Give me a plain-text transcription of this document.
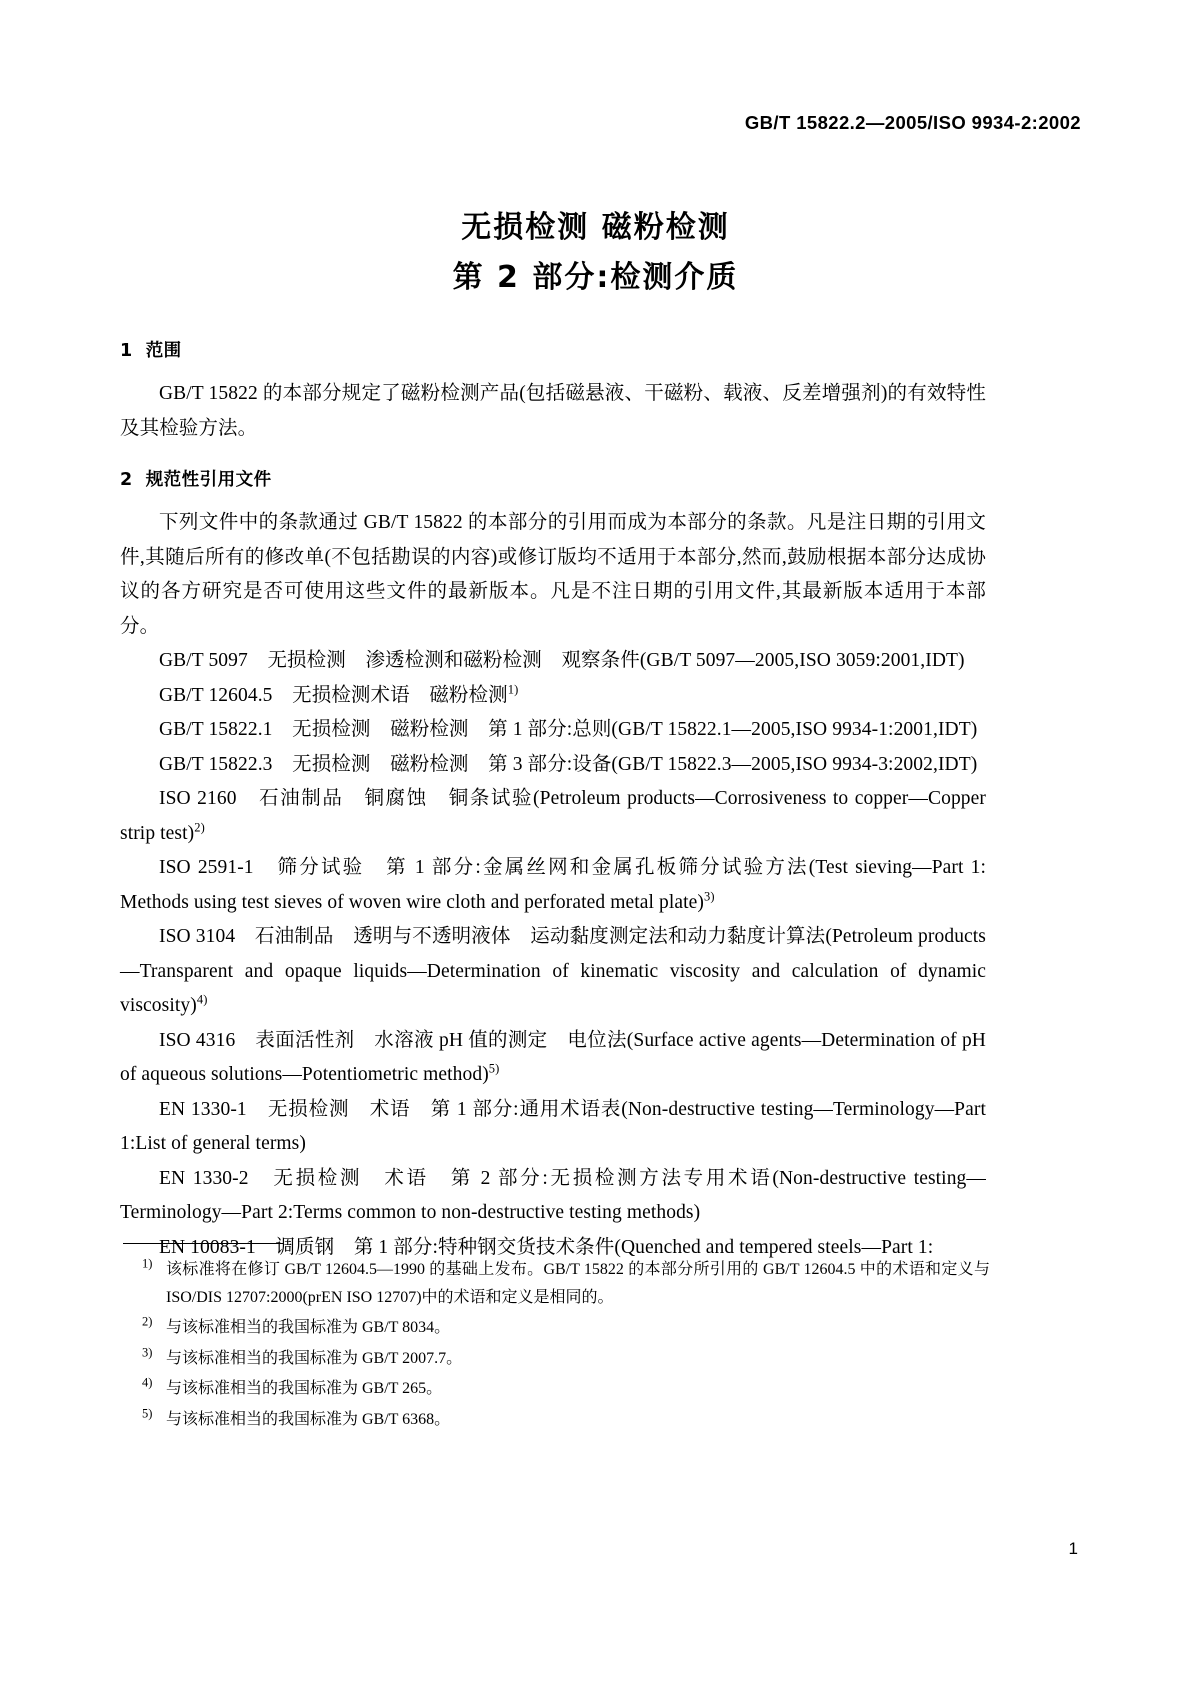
GB/T 15822.2—2005/ISO 9934-2:2002
无损检测 磁粉检测
第 2 部分:检测介质
1 范围

GB/T 15822 的本部分规定了磁粉检测产品(包括磁悬液、干磁粉、载液、反差增强剂)的有效特性及其检验方法。

2 规范性引用文件

下列文件中的条款通过 GB/T 15822 的本部分的引用而成为本部分的条款。凡是注日期的引用文件,其随后所有的修改单(不包括勘误的内容)或修订版均不适用于本部分,然而,鼓励根据本部分达成协议的各方研究是否可使用这些文件的最新版本。凡是不注日期的引用文件,其最新版本适用于本部分。

GB/T 5097　无损检测　渗透检测和磁粉检测　观察条件(GB/T 5097—2005,ISO 3059:2001,IDT)

GB/T 12604.5　无损检测术语　磁粉检测$^{1)}$

GB/T 15822.1　无损检测　磁粉检测　第 1 部分:总则(GB/T 15822.1—2005,ISO 9934-1:2001,IDT)

GB/T 15822.3　无损检测　磁粉检测　第 3 部分:设备(GB/T 15822.3—2005,ISO 9934-3:2002,IDT)

ISO 2160　石油制品　铜腐蚀　铜条试验(Petroleum products—Corrosiveness to copper—Copper strip test)$^{2)}$

ISO 2591-1　筛分试验　第 1 部分:金属丝网和金属孔板筛分试验方法(Test sieving—Part 1: Methods using test sieves of woven wire cloth and perforated metal plate)$^{3)}$

ISO 3104　石油制品　透明与不透明液体　运动黏度测定法和动力黏度计算法(Petroleum products—Transparent and opaque liquids—Determination of kinematic viscosity and calculation of dynamic viscosity)$^{4)}$

ISO 4316　表面活性剂　水溶液 pH 值的测定　电位法(Surface active agents—Determination of pH of aqueous solutions—Potentiometric method)$^{5)}$

EN 1330-1　无损检测　术语　第 1 部分:通用术语表(Non-destructive testing—Terminology—Part 1:List of general terms)

EN 1330-2　无损检测　术语　第 2 部分:无损检测方法专用术语(Non-destructive testing—Terminology—Part 2:Terms common to non-destructive testing methods)

EN 10083-1　调质钢　第 1 部分:特种钢交货技术条件(Quenched and tempered steels—Part 1:

$^{1)}$ 该标准将在修订 GB/T 12604.5—1990 的基础上发布。GB/T 15822 的本部分所引用的 GB/T 12604.5 中的术语和定义与 ISO/DIS 12707:2000(prEN ISO 12707)中的术语和定义是相同的。
$^{2)}$ 与该标准相当的我国标准为 GB/T 8034。
$^{3)}$ 与该标准相当的我国标准为 GB/T 2007.7。
$^{4)}$ 与该标准相当的我国标准为 GB/T 265。
$^{5)}$ 与该标准相当的我国标准为 GB/T 6368。
1
